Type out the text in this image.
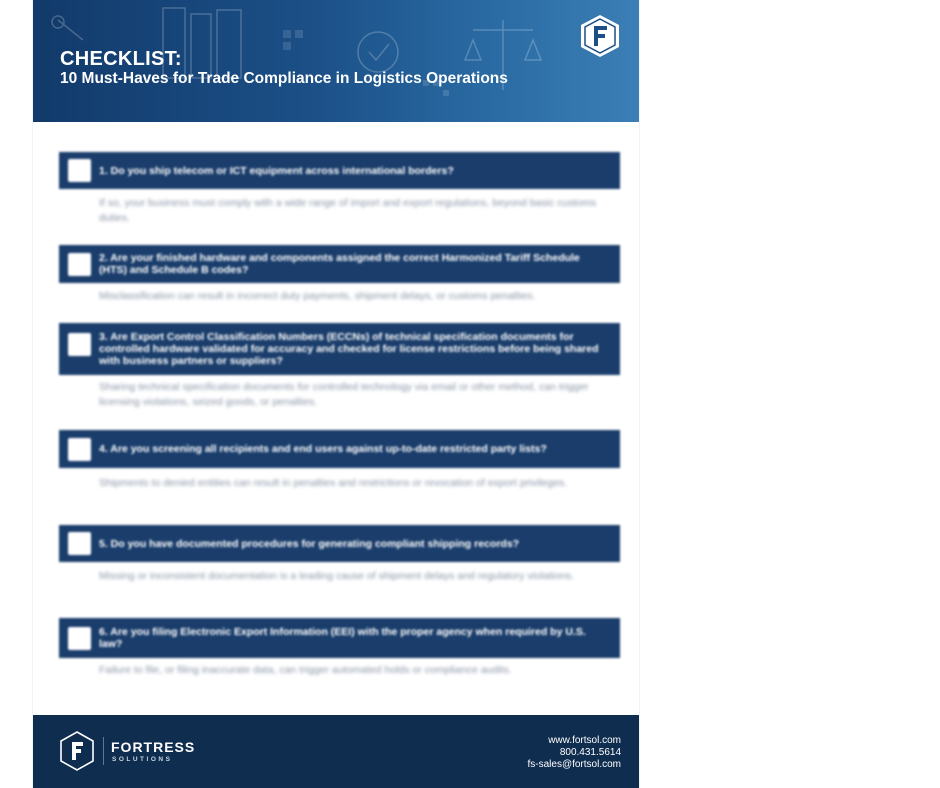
CHECKLIST:
10 Must-Haves for Trade Compliance in Logistics Operations
1. Do you ship telecom or ICT equipment across international borders?
If so, your business must comply with a wide range of import and export regulations, beyond basic customs duties.
2. Are your finished hardware and components assigned the correct Harmonized Tariff Schedule (HTS) and Schedule B codes?
Misclassification can result in incorrect duty payments, shipment delays, or customs penalties.
3. Are Export Control Classification Numbers (ECCNs) of technical specification documents for controlled hardware validated for accuracy and checked for license restrictions before being shared with business partners or suppliers?
Sharing technical specification documents for controlled technology via email or other method, can trigger licensing violations, seized goods, or penalties.
4. Are you screening all recipients and end users against up-to-date restricted party lists?
Shipments to denied entities can result in penalties and restrictions or revocation of export privileges.
5. Do you have documented procedures for generating compliant shipping records?
Missing or inconsistent documentation is a leading cause of shipment delays and regulatory violations.
6. Are you filing Electronic Export Information (EEI) with the proper agency when required by U.S. law?
Failure to file, or filing inaccurate data, can trigger automated holds or compliance audits.
FORTRESS
SOLUTIONS
www.fortsol.com
800.431.5614
fs-sales@fortsol.com
